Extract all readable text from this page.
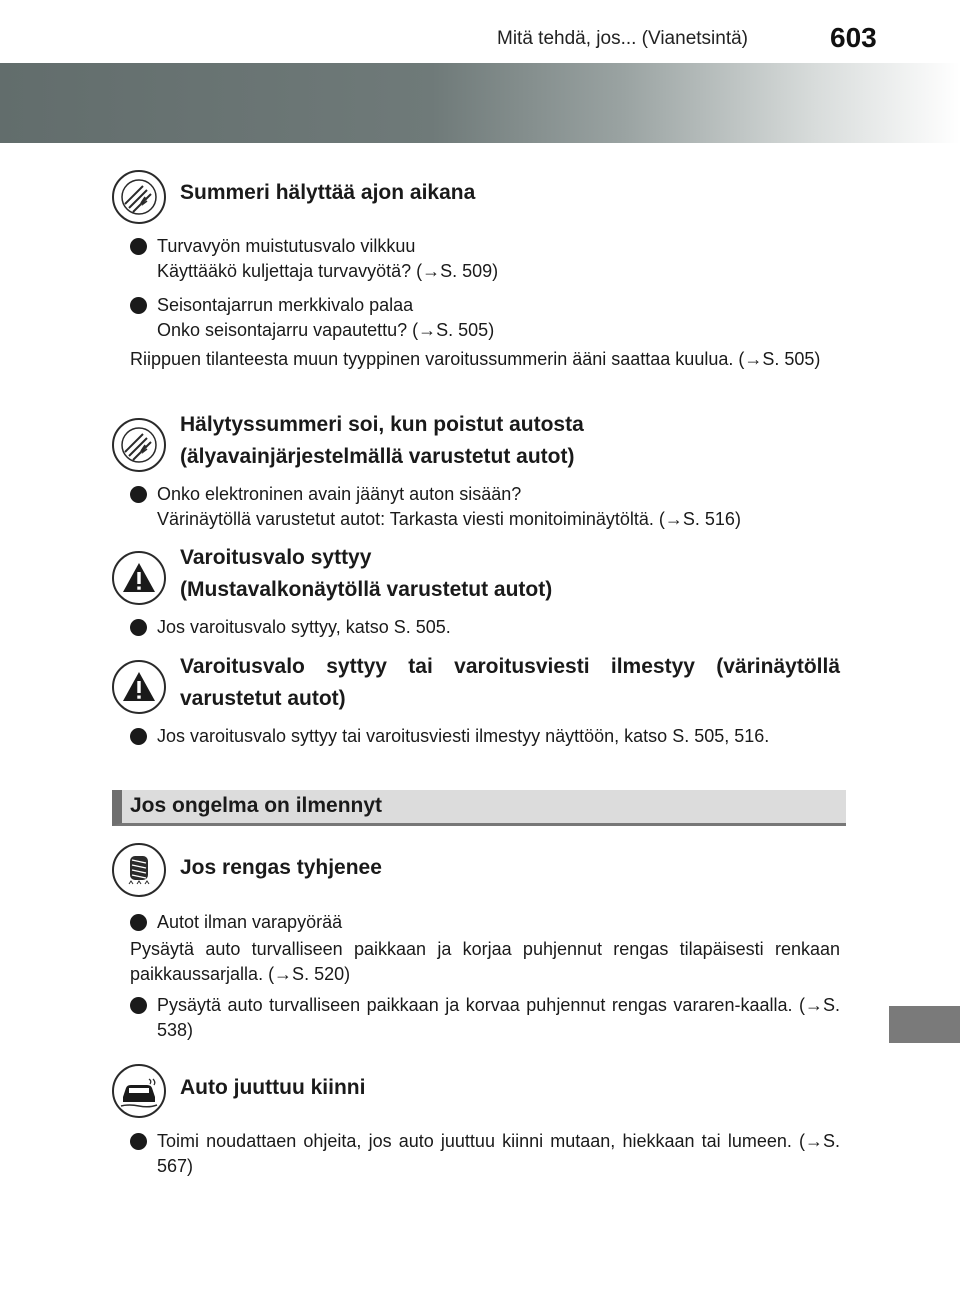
Mitä tehdä, jos... (Vianetsintä)	603
Summeri hälyttää ajon aikana
Turvavyön muistutusvalo vilkkuu
Käyttääkö kuljettaja turvavyötä? (→S. 509)
Seisontajarrun merkkivalo palaa
Onko seisontajarru vapautettu? (→S. 505)
Riippuen tilanteesta muun tyyppinen varoitussummerin ääni saattaa kuulua. (→S. 505)
Hälytyssummeri soi, kun poistut autosta
(älyavainjärjestelmällä varustetut autot)
Onko elektroninen avain jäänyt auton sisään?
Värinäytöllä varustetut autot: Tarkasta viesti monitoiminäytöltä. (→S. 516)
Varoitusvalo syttyy
(Mustavalkonäytöllä varustetut autot)
Jos varoitusvalo syttyy, katso S. 505.
Varoitusvalo syttyy tai varoitusviesti ilmestyy (värinäytöllä
varustetut autot)
Jos varoitusvalo syttyy tai varoitusviesti ilmestyy näyttöön, katso S. 505, 516.
Jos ongelma on ilmennyt
Jos rengas tyhjenee
Autot ilman varapyörää
Pysäytä auto turvalliseen paikkaan ja korjaa puhjennut rengas tilapäisesti renkaan paikkaussarjalla. (→S. 520)
Pysäytä auto turvalliseen paikkaan ja korvaa puhjennut rengas vararen-kaalla. (→S. 538)
Auto juuttuu kiinni
Toimi noudattaen ohjeita, jos auto juuttuu kiinni mutaan, hiekkaan tai lumeen. (→S. 567)
